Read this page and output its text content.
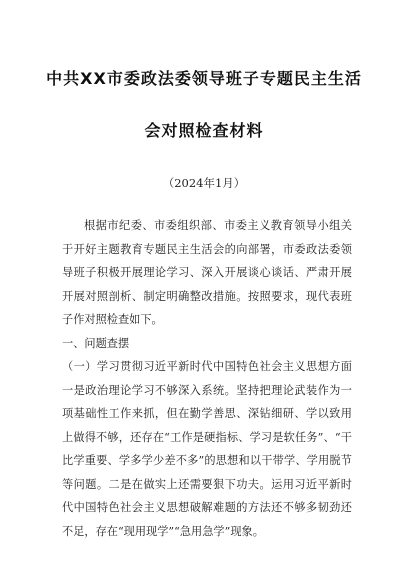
中共XX市委政法委领导班子专题民主生活
会对照检查材料
（2024年1月）

根据市纪委、市委组织部、市委主义教育领导小组关于开好主题教育专题民主生活会的向部署，市委政法委领导班子积极开展理论学习、深入开展谈心谈话、严肃开展开展对照剖析、制定明确整改措施。按照要求，现代表班子作对照检查如下。

一、问题查摆

（一）学习贯彻习近平新时代中国特色社会主义思想方面一是政治理论学习不够深入系统。坚持把理论武装作为一项基础性工作来抓，但在勤学善思、深钻细研、学以致用上做得不够，还存在“工作是硬指标、学习是软任务”、“干比学重要、学多学少差不多”的思想和以干带学、学用脱节等问题。二是在做实上还需要狠下功夫。运用习近平新时代中国特色社会主义思想破解难题的方法还不够多韧劲还不足，存在“现用现学”“急用急学”现象。
